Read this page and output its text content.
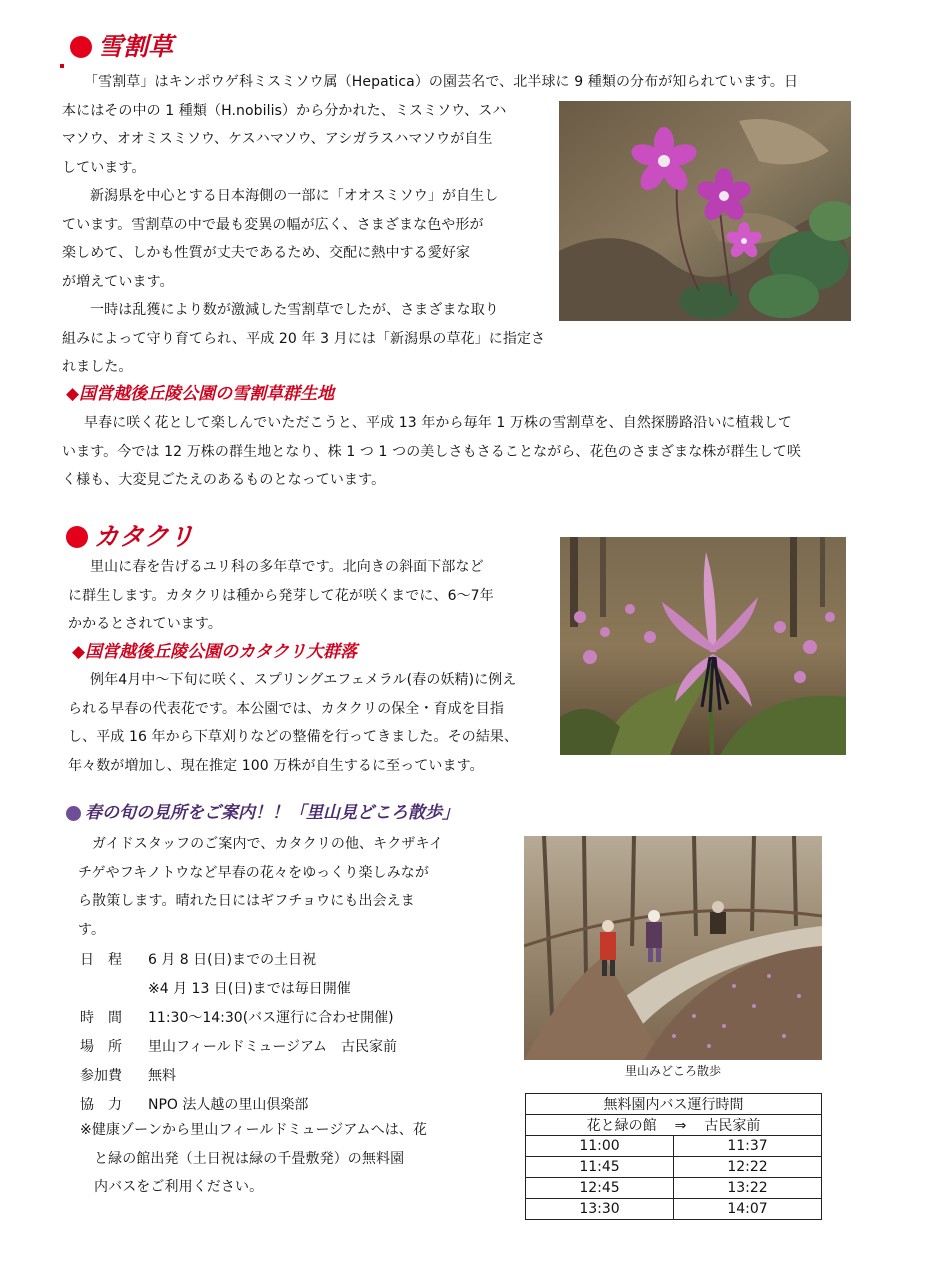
雪割草
「雪割草」はキンポウゲ科ミスミソウ属（Hepatica）の園芸名で、北半球に 9 種類の分布が知られています。日
本にはその中の 1 種類（H.nobilis）から分かれた、ミスミソウ、スハ
マソウ、オオミスミソウ、ケスハマソウ、アシガラスハマソウが自生
しています。
新潟県を中心とする日本海側の一部に「オオスミソウ」が自生し
ています。雪割草の中で最も変異の幅が広く、さまざまな色や形が
楽しめて、しかも性質が丈夫であるため、交配に熱中する愛好家
が増えています。
一時は乱獲により数が激減した雪割草でしたが、さまざまな取り
組みによって守り育てられ、平成 20 年 3 月には「新潟県の草花」に指定さ
れました。
◆国営越後丘陵公園の雪割草群生地
早春に咲く花として楽しんでいただこうと、平成 13 年から毎年 1 万株の雪割草を、自然探勝路沿いに植栽して
います。今では 12 万株の群生地となり、株 1 つ 1 つの美しさもさることながら、花色のさまざまな株が群生して咲
く様も、大変見ごたえのあるものとなっています。
カタクリ
里山に春を告げるユリ科の多年草です。北向きの斜面下部など
に群生します。カタクリは種から発芽して花が咲くまでに、6～7年
かかるとされています。
◆国営越後丘陵公園のカタクリ大群落
例年4月中～下旬に咲く、スプリングエフェメラル(春の妖精)に例え
られる早春の代表花です。本公園では、カタクリの保全・育成を目指
し、平成 16 年から下草刈りなどの整備を行ってきました。その結果、
年々数が増加し、現在推定 100 万株が自生するに至っています。
春の旬の見所をご案内！！「里山見どころ散歩」
ガイドスタッフのご案内で、カタクリの他、キクザキイ
チゲやフキノトウなど早春の花々をゆっくり楽しみなが
ら散策します。晴れた日にはギフチョウにも出会えま
す。
日　程	6 月 8 日(日)までの土日祝
※4 月 13 日(日)までは毎日開催
時　間	11:30～14:30(バス運行に合わせ開催)
場　所	里山フィールドミュージアム　古民家前
参加費	無料
協　力	NPO 法人越の里山倶楽部
※健康ゾーンから里山フィールドミュージアムへは、花
と緑の館出発（土日祝は緑の千畳敷発）の無料園
内バスをご利用ください。
里山みどころ散歩
無料園内バス運行時間	
花と緑の館 ⇒ 古民家前	
11:00	11:37
11:45	12:22
12:45	13:22
13:30	14:07
